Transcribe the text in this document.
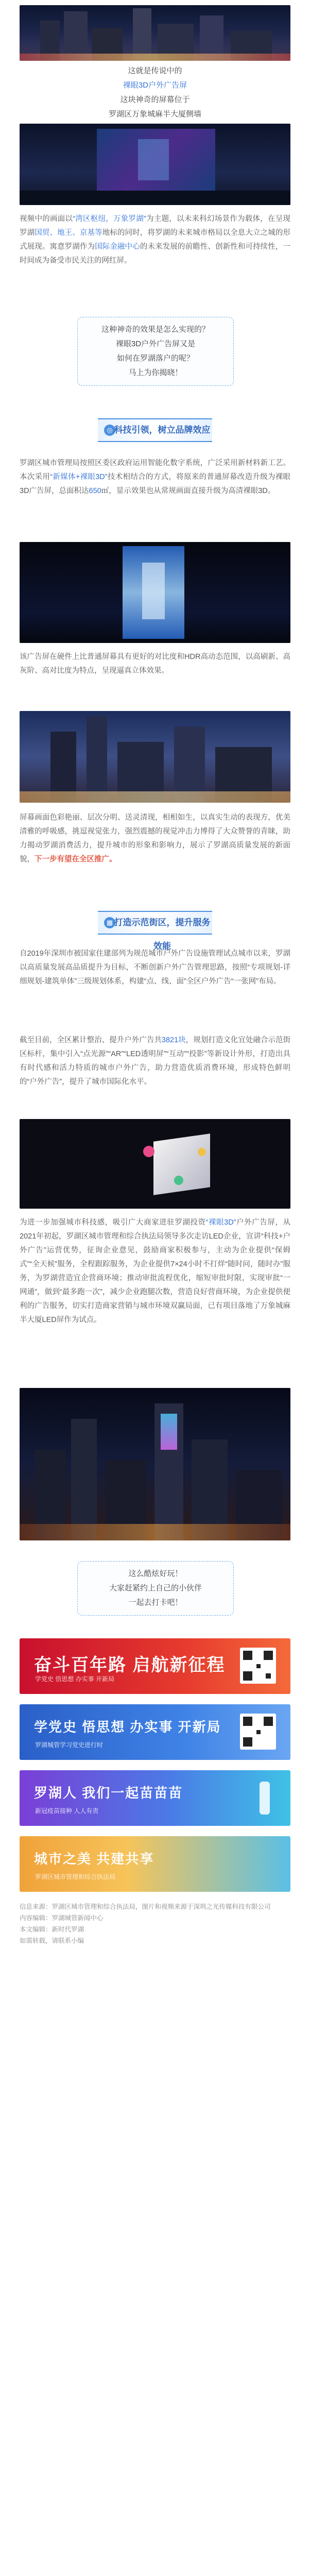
这就是传说中的
裸眼3D户外广告屏
这块神奇的屏幕位于
罗湖区万象城麻半大厦侧墙

视频中的画面以“湾区枢纽，万象罗湖”为主题，以未来科幻场景作为载体，在呈现罗湖国贸、地王、京基等地标的同时，将罗湖的未来城市格局以全息大立之城的形式展现。寓意罗湖作为国际金融中心的未来发展的前瞻性、创新性和可持续性，一时间成为备受市民关注的网红屏。

这种神奇的效果是怎么实现的？
裸眼3D户外广告屏又是
如何在罗湖落户的呢？
马上为你揭晓！
◎ 科技引领，树立品牌效应

罗湖区城市管理局按照区委区政府运用智能化数字系统，广泛采用新材料新工艺。本次采用“新媒体+裸眼3D”技术相结合的方式，将原来的普通屏幕改造升级为裸眼3D广告屏，总面积达650㎡，显示效果也从常规画面直接升级为高清裸眼3D。

该广告屏在硬件上比普通屏幕具有更好的对比度和HDR高动态范围，以高刷新、高灰阶、高对比度为特点，呈现逼真立体效果。

屏幕画面色彩艳丽、层次分明、送灵清现，相相如生，以真实生动的表现方，优美清雅的呼吸感，挑逗视觉张力，强烈震撼的视觉冲击力博得了大众赞誉的青睐，助力揭动罗湖消费活力，提升城市的形象和影响力，展示了罗湖高质量发展的新面貌，下一步有望在全区推广。

▦ 打造示范街区，提升服务效能

自2019年深圳市被国家住建部列为规范城市户外广告设施管理试点城市以来，罗湖以高质量发展高品质提升为目标，不断创新户外广告管理思路，按照“专项规划-详细规划-建筑单体”三级规划体系，构建“点、线、面”全区户外广告“一张网”布局。

截至目前，全区累计整治、提升户外广告共3821块，规划打造文化宜处融合示范街区标杆，集中引入“点光源”“AR”“LED透明屏”“互动”“投影”等新设计外形，打造出具有时代感和活力特质的城市户外广告，助力营造优质消费环境，形成特色鲜明的“户外广告”，提升了城市国际化水平。

为进一步加强城市科技感，吸引广大商家进驻罗湖投资“裸眼3D”户外广告屏，从2021年初起，罗湖区城市管理和综合执法局领导多次走访LED企业，宣讲“科技+户外广告”运营优势，征询企业意见，鼓励商家积极参与，主动为企业提供“保姆式”“全天候”服务，全程跟踪服务，为企业提供7×24小时不打烊“随时问，随时办”服务，为罗湖营造宜企营商环境；推动审批流程优化，缩短审批时限，实现审批“一网通”，做到“最多跑一次”，减少企业跑腿次数，营造良好营商环境，为企业提供便利的广告服务，切实打造商家营销与城市环境双赢局面，已有项目落地了万象城麻半大厦LED屏作为试点。

这么酷炫好玩！
大家赶紧约上自己的小伙伴
一起去打卡吧！
奋斗百年路 启航新征程
学党史 悟思想 办实事 开新局
学党史 悟思想 办实事 开新局
罗湖城管学习党史进行时
罗湖人 我们一起苗苗苗
新冠疫苗接种 人人有责
城市之美 共建共享
罗湖区城市管理和综合执法局
信息来源：罗湖区城市管理和综合执法局，图片和视频来源于深圳之光传媒科技有限公司
内容编辑：罗湖城管新闻中心
本文编辑：新时代罗湖
如需转载，请联系小编
